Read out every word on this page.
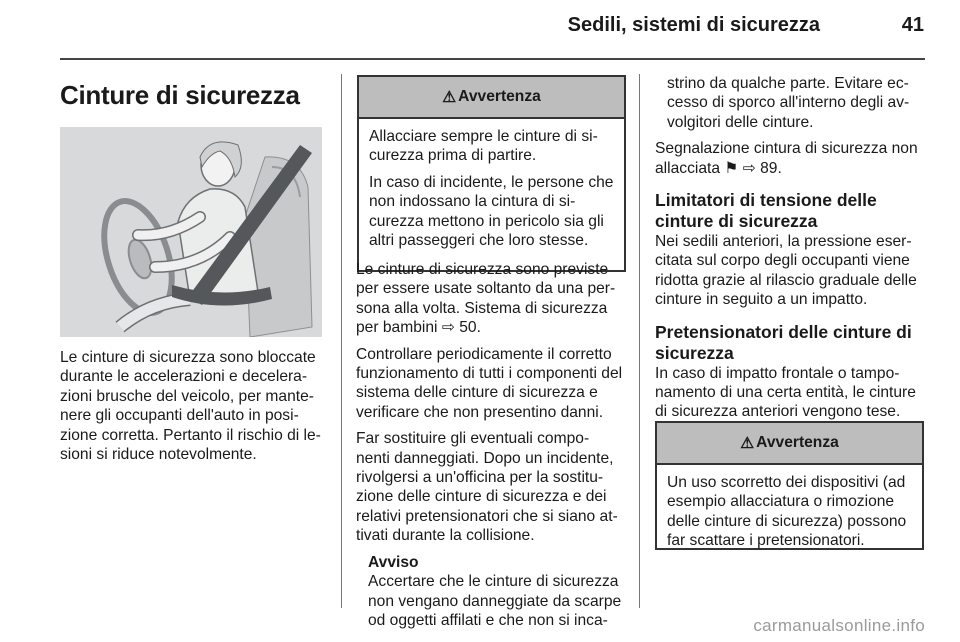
Sedili, sistemi di sicurezza	41
Cinture di sicurezza

Le cinture di sicurezza sono bloccate durante le accelerazioni e decelera- zioni brusche del veicolo, per mante- nere gli occupanti dell'auto in posi- zione corretta. Pertanto il rischio di le- sioni si riduce notevolmente.

⚠ Avvertenza

Allacciare sempre le cinture di si- curezza prima di partire.

In caso di incidente, le persone che non indossano la cintura di si- curezza mettono in pericolo sia gli altri passeggeri che loro stesse.

Le cinture di sicurezza sono previste per essere usate soltanto da una per- sona alla volta. Sistema di sicurezza per bambini ⇨ 50.

Controllare periodicamente il corretto funzionamento di tutti i componenti del sistema delle cinture di sicurezza e verificare che non presentino danni.

Far sostituire gli eventuali compo- nenti danneggiati. Dopo un incidente, rivolgersi a un'officina per la sostitu- zione delle cinture di sicurezza e dei relativi pretensionatori che si siano at- tivati durante la collisione.

Avviso

Accertare che le cinture di sicurezza non vengano danneggiate da scarpe od oggetti affilati e che non si inca-

strino da qualche parte. Evitare ec- cesso di sporco all'interno degli av- volgitori delle cinture.

Segnalazione cintura di sicurezza non allacciata ⚑ ⇨ 89.

Limitatori di tensione delle cinture di sicurezza

Nei sedili anteriori, la pressione eser- citata sul corpo degli occupanti viene ridotta grazie al rilascio graduale delle cinture in seguito a un impatto.

Pretensionatori delle cinture di sicurezza

In caso di impatto frontale o tampo- namento di una certa entità, le cinture di sicurezza anteriori vengono tese.

⚠ Avvertenza

Un uso scorretto dei dispositivi (ad esempio allacciatura o rimozione delle cinture di sicurezza) possono far scattare i pretensionatori.

carmanualsonline.info
